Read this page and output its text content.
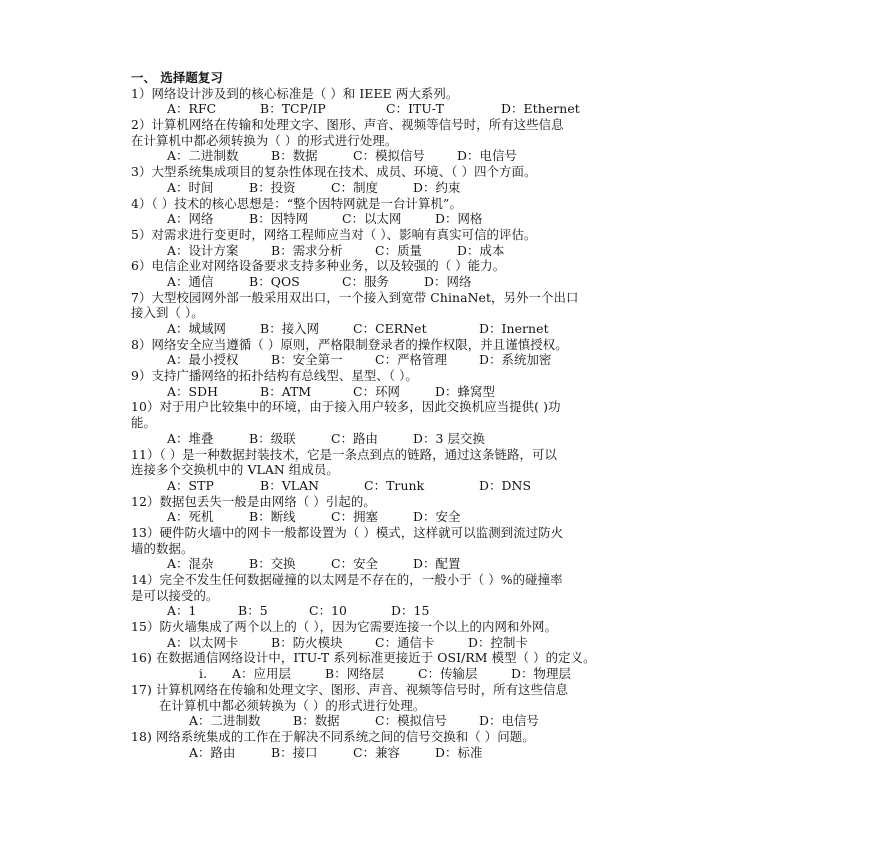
一、 选择题复习
1）网络设计涉及到的核心标准是（ ）和 IEEE 两大系列。
A：RFC	B：TCP/IP	C：ITU-T	D：Ethernet
2）计算机网络在传输和处理文字、图形、声音、视频等信号时，所有这些信息
在计算机中都必须转换为（ ）的形式进行处理。
A：二进制数	B：数据	C：模拟信号	D：电信号
3）大型系统集成项目的复杂性体现在技术、成员、环境、（ ）四个方面。
A：时间	B：投资	C：制度	D：约束
4）（ ）技术的核心思想是：“整个因特网就是一台计算机”。
A：网络	B：因特网	C：以太网	D：网格
5）对需求进行变更时，网络工程师应当对（ ）、影响有真实可信的评估。
A：设计方案	B：需求分析	C：质量	D：成本
6）电信企业对网络设备要求支持多种业务，以及较强的（ ）能力。
A：通信	B：QOS	C：服务	D：网络
7）大型校园网外部一般采用双出口，一个接入到宽带 ChinaNet，另外一个出口
接入到（ ）。
A：城域网	B：接入网	C：CERNet	D：Inernet
8）网络安全应当遵循（ ）原则，严格限制登录者的操作权限，并且谨慎授权。
A：最小授权	B：安全第一	C：严格管理	D：系统加密
9）支持广播网络的拓扑结构有总线型、星型、（ ）。
A：SDH	B：ATM	C：环网	D：蜂窝型
10）对于用户比较集中的环境，由于接入用户较多，因此交换机应当提供( )功
能。
A：堆叠	B：级联	C：路由	D：3 层交换
11）（ ）是一种数据封装技术，它是一条点到点的链路，通过这条链路，可以
连接多个交换机中的 VLAN 组成员。
A：STP	B：VLAN	C：Trunk	D：DNS
12）数据包丢失一般是由网络（ ）引起的。
A：死机	B：断线	C：拥塞	D：安全
13）硬件防火墙中的网卡一般都设置为（ ）模式，这样就可以监测到流过防火
墙的数据。
A：混杂	B：交换	C：安全	D：配置
14）完全不发生任何数据碰撞的以太网是不存在的，一般小于（ ）%的碰撞率
是可以接受的。
A：1	B：5	C：10	D：15
15）防火墙集成了两个以上的（ ），因为它需要连接一个以上的内网和外网。
A：以太网卡	B：防火模块	C：通信卡	D：控制卡
16) 在数据通信网络设计中，ITU-T 系列标准更接近于 OSI/RM 模型（ ）的定义。
i. A：应用层	B：网络层	C：传输层	D：物理层
17) 计算机网络在传输和处理文字、图形、声音、视频等信号时，所有这些信息
在计算机中都必须转换为（ ）的形式进行处理。
A：二进制数	B：数据	C：模拟信号	D：电信号
18) 网络系统集成的工作在于解决不同系统之间的信号交换和（ ）问题。
A：路由	B：接口	C：兼容	D：标准
